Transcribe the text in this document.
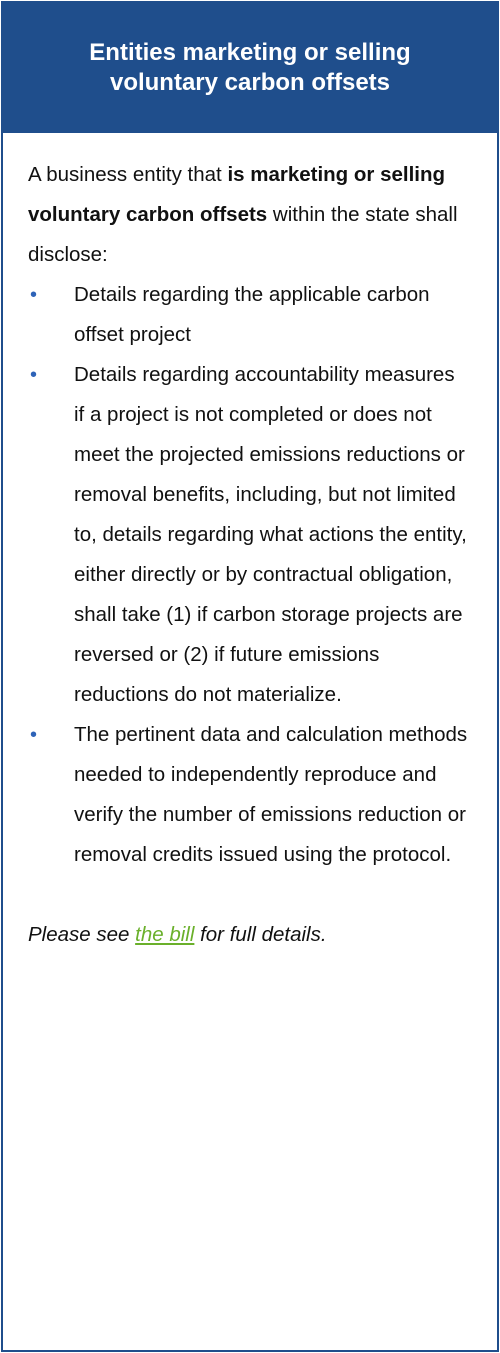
Entities marketing or selling voluntary carbon offsets

A business entity that is marketing or selling voluntary carbon offsets within the state shall disclose:

•	Details regarding the applicable carbon offset project
•	Details regarding accountability measures if a project is not completed or does not meet the projected emissions reductions or removal benefits, including, but not limited to, details regarding what actions the entity, either directly or by contractual obligation, shall take (1) if carbon storage projects are reversed or (2) if future emissions reductions do not materialize.
•	The pertinent data and calculation methods needed to independently reproduce and verify the number of emissions reduction or removal credits issued using the protocol.

Please see the bill for full details.
